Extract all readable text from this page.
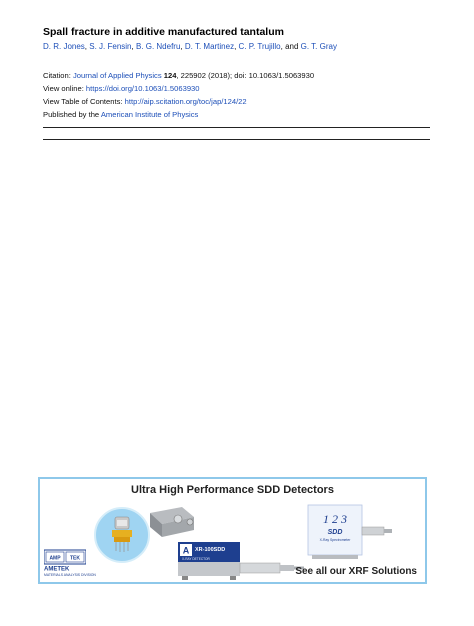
Spall fracture in additive manufactured tantalum
D. R. Jones, S. J. Fensin, B. G. Ndefru, D. T. Martinez, C. P. Trujillo, and G. T. Gray
Citation: Journal of Applied Physics 124, 225902 (2018); doi: 10.1063/1.5063930
View online: https://doi.org/10.1063/1.5063930
View Table of Contents: http://aip.scitation.org/toc/jap/124/22
Published by the American Institute of Physics
Ultra High Performance SDD Detectors
A XR-100SDD
X-RAY DETECTOR
1 2 3
SDD
X-Ray Spectrometer
AMP TEK
AMETEK
MATERIALS ANALYSIS DIVISION	See all our XRF Solutions
